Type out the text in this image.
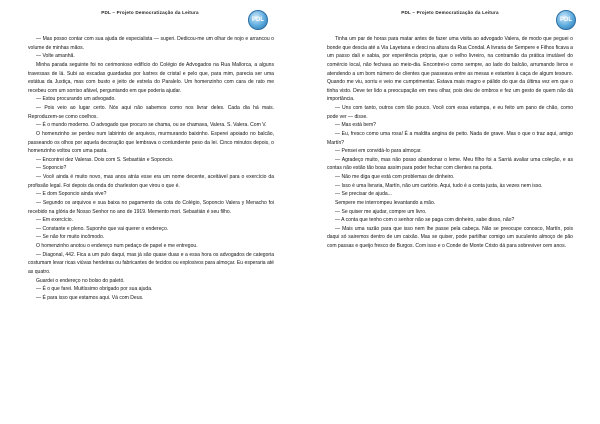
PDL – Projeto Democratização da Leitura
PDL

— Mas posso contar com sua ajuda de especialista — sugeri. Dedicou-me um olhar de nojo e arrancou o volume de minhas mãos.

— Volte amanhã.

Minha parada seguinte foi no cerimonioso edifício do Colégio de Advogados na Rua Mallorca, a alguns travessas de lá. Subi as escadas guardadas por lustres de cristal e pelo que, para mim, parecia ser uma estátua da Justiça, mas com busto e jeito de estrela do Paralelo. Um homenzinho com cara de rato me recebeu com um sorriso afável, perguntando em que poderia ajudar.

— Estou procurando um advogado.

— Pois veio ao lugar certo. Nós aqui não sabemos como nos livrar deles. Cada dia há mais. Reproduzem-se como coelhos.

— É o mundo moderno. O advogado que procuro se chama, ou se chamava, Valera. S. Valera. Com V.

O homenzinho se perdeu num labirinto de arquivos, murmurando baixinho. Esperei apoiado no balcão, passeando os olhos por aquela decoração que lembrava o contundente peso da lei. Cinco minutos depois, o homenzinho voltou com uma pasta.

— Encontrei dez Valeras. Dois com S. Sebastián e Soponcio.

— Soponcio?

— Você ainda é muito novo, mas anos atrás esse era um nome decente, aceitável para o exercício da profissão legal. Foi depois da onda do charleston que virou o que é.

— E dom Soponcio ainda vive?

— Segundo os arquivos e sua baixa no pagamento da cota do Colégio, Soponcio Valera y Menacho foi recebido na glória de Nosso Senhor no ano de 1919. Memento mori. Sebastián é seu filho.

— Em exercício.

— Constante e pleno. Suponho que vai querer o endereço.

— Se não for muito incômodo.

O homenzinho anotou o endereço num pedaço de papel e me entregou.

— Diagonal, 442. Fica a um pulo daqui, mas já são quase duas e a essa hora os advogados de categoria costumam levar ricas viúvas herdeiras ou fabricantes de tecidos ou explosivos para almoçar. Eu esperaria até as quatro.

Guardei o endereço no bolso do paletó.

— É o que farei. Muitíssimo obrigado por sua ajuda.

— É para isso que estamos aqui. Vá com Deus.

PDL – Projeto Democratização da Leitura
PDL

Tinha um par de horas para matar antes de fazer uma visita ao advogado Valera, de modo que peguei o bonde que descia até a Via Layetana e desci na altura da Rua Condal. A livraria de Sempere e Filhos ficava a um passo dali e sabia, por experiência própria, que o velho livreiro, na contramão da prática imutável do comércio local, não fechava ao meio-dia. Encontrei-o como sempre, ao lado do balcão, arrumando livros e atendendo a um bom número de clientes que passeava entre as mesas e estantes à caça de algum tesouro. Quando me viu, sorriu e veio me cumprimentar. Estava mais magro e pálido do que da última vez em que o tinha visto. Deve ter lido a preocupação em meu olhar, pois deu de ombros e fez um gesto de quem não dá importância.

— Uns com tanto, outros com tão pouco. Você com essa estampa, e eu feito um pano de chão, como pode ver — disse.

— Mas está bem?

— Eu, fresco como uma rosa! É a maldita angina de peito. Nada de grave. Mas o que o traz aqui, amigo Martín?

— Pensei em convidá-lo para almoçar.

— Agradeço muito, mas não posso abandonar o leme. Meu filho foi a Sarriá avaliar uma coleção, e as contas não estão tão boas assim para poder fechar com clientes na porta.

— Não me diga que está com problemas de dinheiro.

— Isso é uma livraria, Martín, não um cartório. Aqui, tudo é a conta justa, às vezes nem isso.

— Se precisar de ajuda...

Sempere me interrompeu levantando a mão.

— Se quiser me ajudar, compre um livro.

— A conta que tenho com o senhor não se paga com dinheiro, sabe disso, não?

— Mais uma razão para que isso nem lhe passe pela cabeça. Não se preocupe conosco, Martín, pois daqui só sairemos dentro de um caixão. Mas se quiser, pode partilhar comigo um suculento almoço de pão com passas e queijo fresco de Burgos. Com isso e o Conde de Monte Cristo dá para sobreviver cem anos.
